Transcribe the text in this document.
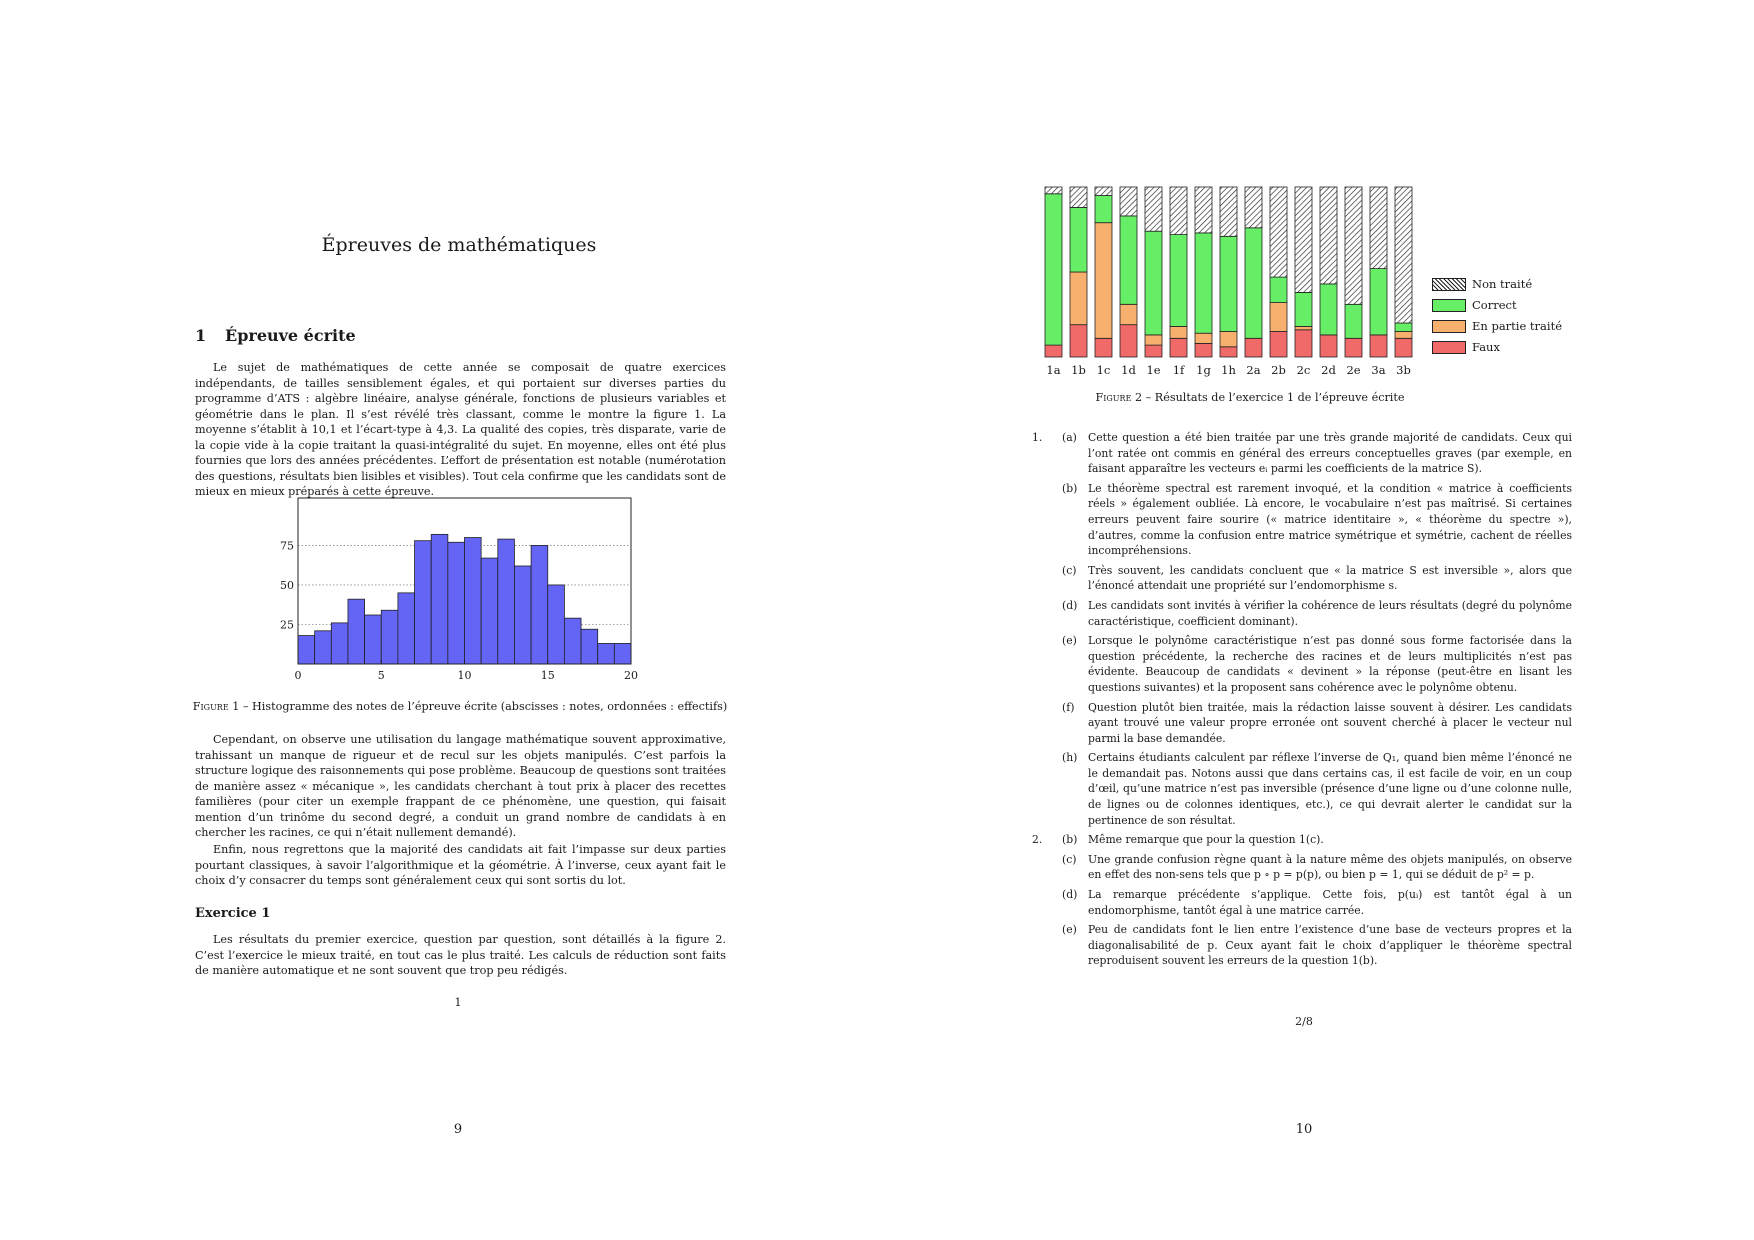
Épreuves de mathématiques
1 Épreuve écrite

Le sujet de mathématiques de cette année se composait de quatre exercices indépendants, de tailles sensiblement égales, et qui portaient sur diverses parties du programme d’ATS : algèbre linéaire, analyse générale, fonctions de plusieurs variables et géométrie dans le plan. Il s’est révélé très classant, comme le montre la figure 1. La moyenne s’établit à 10,1 et l’écart-type à 4,3. La qualité des copies, très disparate, varie de la copie vide à la copie traitant la quasi-intégralité du sujet. En moyenne, elles ont été plus fournies que lors des années précédentes. L’effort de présentation est notable (numérotation des questions, résultats bien lisibles et visibles). Tout cela confirme que les candidats sont de mieux en mieux préparés à cette épreuve.

25
50
75
0	5	10	15	20
Figure 1 – Histogramme des notes de l’épreuve écrite (abscisses : notes, ordonnées : effectifs)

Cependant, on observe une utilisation du langage mathématique souvent approximative, trahissant un manque de rigueur et de recul sur les objets manipulés. C’est parfois la structure logique des raisonnements qui pose problème. Beaucoup de questions sont traitées de manière assez « mécanique », les candidats cherchant à tout prix à placer des recettes familières (pour citer un exemple frappant de ce phénomène, une question, qui faisait mention d’un trinôme du second degré, a conduit un grand nombre de candidats à en chercher les racines, ce qui n’était nullement demandé).

Enfin, nous regrettons que la majorité des candidats ait fait l’impasse sur deux parties pourtant classiques, à savoir l’algorithmique et la géométrie. À l’inverse, ceux ayant fait le choix d’y consacrer du temps sont généralement ceux qui sont sortis du lot.

Exercice 1

Les résultats du premier exercice, question par question, sont détaillés à la figure 2. C’est l’exercice le mieux traité, en tout cas le plus traité. Les calculs de réduction sont faits de manière automatique et ne sont souvent que trop peu rédigés.

1
9
1a 1b 1c 1d 1e 1f 1g 1h 2a 2b 2c 2d 2e 3a 3b
Non traité
Correct
En partie traité
Faux
Figure 2 – Résultats de l’exercice 1 de l’épreuve écrite
1. (a) Cette question a été bien traitée par une très grande majorité de candidats. Ceux qui l’ont ratée ont commis en général des erreurs conceptuelles graves (par exemple, en faisant apparaître les vecteurs eᵢ parmi les coefficients de la matrice S).
(b) Le théorème spectral est rarement invoqué, et la condition « matrice à coefficients réels » également oubliée. Là encore, le vocabulaire n’est pas maîtrisé. Si certaines erreurs peuvent faire sourire (« matrice identitaire », « théorème du spectre »), d’autres, comme la confusion entre matrice symétrique et symétrie, cachent de réelles incompréhensions.
(c) Très souvent, les candidats concluent que « la matrice S est inversible », alors que l’énoncé attendait une propriété sur l’endomorphisme s.
(d) Les candidats sont invités à vérifier la cohérence de leurs résultats (degré du polynôme caractéristique, coefficient dominant).
(e) Lorsque le polynôme caractéristique n’est pas donné sous forme factorisée dans la question précédente, la recherche des racines et de leurs multiplicités n’est pas évidente. Beaucoup de candidats « devinent » la réponse (peut-être en lisant les questions suivantes) et la proposent sans cohérence avec le polynôme obtenu.
(f) Question plutôt bien traitée, mais la rédaction laisse souvent à désirer. Les candidats ayant trouvé une valeur propre erronée ont souvent cherché à placer le vecteur nul parmi la base demandée.
(h) Certains étudiants calculent par réflexe l’inverse de Q₁, quand bien même l’énoncé ne le demandait pas. Notons aussi que dans certains cas, il est facile de voir, en un coup d’œil, qu’une matrice n’est pas inversible (présence d’une ligne ou d’une colonne nulle, de lignes ou de colonnes identiques, etc.), ce qui devrait alerter le candidat sur la pertinence de son résultat.
2. (b) Même remarque que pour la question 1(c).
(c) Une grande confusion règne quant à la nature même des objets manipulés, on observe en effet des non-sens tels que p ∘ p = p(p), ou bien p = 1, qui se déduit de p² = p.
(d) La remarque précédente s’applique. Cette fois, p(uᵢ) est tantôt égal à un endomorphisme, tantôt égal à une matrice carrée.
(e) Peu de candidats font le lien entre l’existence d’une base de vecteurs propres et la diagonalisabilité de p. Ceux ayant fait le choix d’appliquer le théorème spectral reproduisent souvent les erreurs de la question 1(b).
2/8
10
